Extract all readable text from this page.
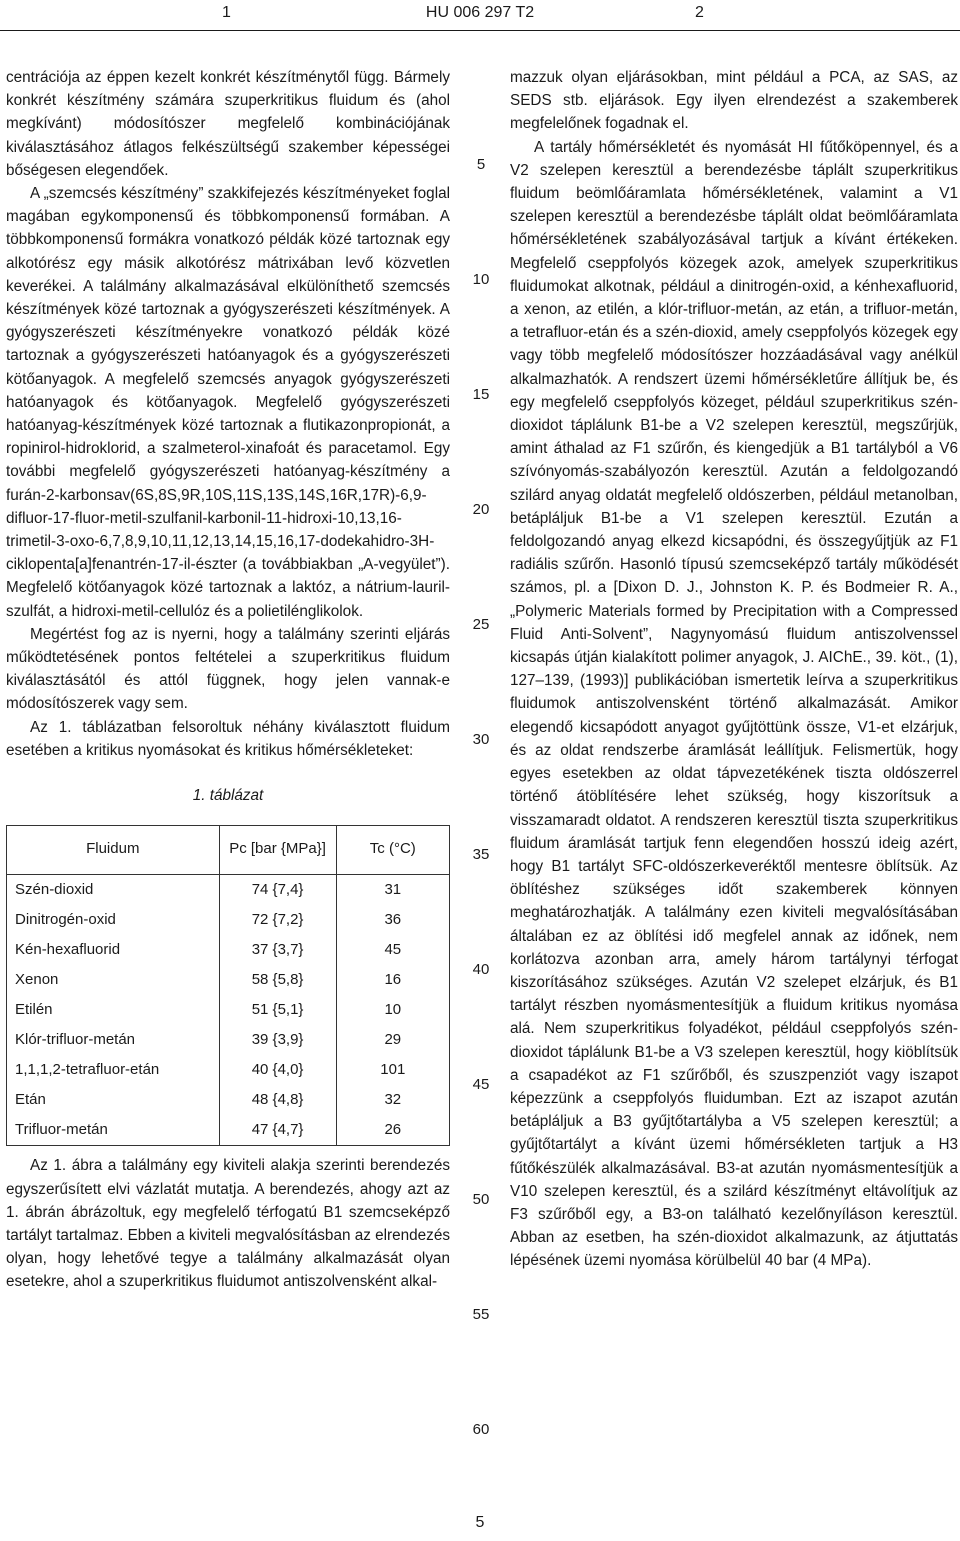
1	HU 006 297 T2	2

centrációja az éppen kezelt konkrét készítménytől függ. Bármely konkrét készítmény számára szuperkritikus fluidum és (ahol megkívánt) módosítószer megfelelő kombinációjának kiválasztásához átlagos felkészültségű szakember képességei bőségesen elegendőek.

A „szemcsés készítmény” szakkifejezés készítményeket foglal magában egykomponensű és többkomponensű formában. A többkomponensű formákra vonatkozó példák közé tartoznak egy alkotórész egy másik alkotórész mátrixában levő közvetlen keverékei. A találmány alkalmazásával elkülöníthető szemcsés készítmények közé tartoznak a gyógyszerészeti készítmények. A gyógyszerészeti készítményekre vonatkozó példák közé tartoznak a gyógyszerészeti hatóanyagok és a gyógyszerészeti kötőanyagok. A megfelelő szemcsés anyagok gyógyszerészeti hatóanyagok és kötőanyagok. Megfelelő gyógyszerészeti hatóanyag-készítmények közé tartoznak a flutikazonpropionát, a ropinirol-hidroklorid, a szalmeterol-xinafoát és paracetamol. Egy további megfelelő gyógyszerészeti hatóanyag-készítmény a furán-2-karbonsav(6S,8S,9R,10S,11S,13S,14S,16R,17R)-6,9-difluor-17-fluor-metil-szulfanil-karbonil-11-hidroxi-10,13,16-trimetil-3-oxo-6,7,8,9,10,11,12,13,14,15,16,17-dodekahidro-3H-ciklopenta[a]fenantrén-17-il-észter (a továbbiakban „A-vegyület”). Megfelelő kötőanyagok közé tartoznak a laktóz, a nátrium-lauril-szulfát, a hidroxi-metil-cellulóz és a polietilénglikolok.

Megértést fog az is nyerni, hogy a találmány szerinti eljárás működtetésének pontos feltételei a szuperkritikus fluidum kiválasztásától és attól függnek, hogy jelen vannak-e módosítószerek vagy sem.

Az 1. táblázatban felsoroltuk néhány kiválasztott fluidum esetében a kritikus nyomásokat és kritikus hőmérsékleteket:

1. táblázat
Fluidum	Pc [bar {MPa}]	Tc (°C)
Szén-dioxid	74 {7,4}	31
Dinitrogén-oxid	72 {7,2}	36
Kén-hexafluorid	37 {3,7}	45
Xenon	58 {5,8}	16
Etilén	51 {5,1}	10
Klór-trifluor-metán	39 {3,9}	29
1,1,1,2-tetrafluor-etán	40 {4,0}	101
Etán	48 {4,8}	32
Trifluor-metán	47 {4,7}	26

Az 1. ábra a találmány egy kiviteli alakja szerinti berendezés egyszerűsített elvi vázlatát mutatja. A berendezés, ahogy azt az 1. ábrán ábrázoltuk, egy megfelelő térfogatú B1 szemcseképző tartályt tartalmaz. Ebben a kiviteli megvalósításban az elrendezés olyan, hogy lehetővé tegye a találmány alkalmazását olyan esetekre, ahol a szuperkritikus fluidumot antiszolvensként alkal-

5
10
15
20
25
30
35
40
45
50
55
60

mazzuk olyan eljárásokban, mint például a PCA, az SAS, az SEDS stb. eljárások. Egy ilyen elrendezést a szakemberek megfelelőnek fogadnak el.

A tartály hőmérsékletét és nyomását HI fűtőköpennyel, és a V2 szelepen keresztül a berendezésbe táplált szuperkritikus fluidum beömlőáramlata hőmérsékletének, valamint a V1 szelepen keresztül a berendezésbe táplált oldat beömlőáramlata hőmérsékletének szabályozásával tartjuk a kívánt értékeken. Megfelelő cseppfolyós közegek azok, amelyek szuperkritikus fluidumokat alkotnak, például a dinitrogén-oxid, a kénhexafluorid, a xenon, az etilén, a klór-trifluor-metán, az etán, a trifluor-metán, a tetrafluor-etán és a szén-dioxid, amely cseppfolyós közegek egy vagy több megfelelő módosítószer hozzáadásával vagy anélkül alkalmazhatók. A rendszert üzemi hőmérsékletűre állítjuk be, és egy megfelelő cseppfolyós közeget, például szuperkritikus szén-dioxidot táplálunk B1-be a V2 szelepen keresztül, megszűrjük, amint áthalad az F1 szűrőn, és kiengedjük a B1 tartályból a V6 szívónyomás-szabályozón keresztül. Azután a feldolgozandó szilárd anyag oldatát megfelelő oldószerben, például metanolban, betápláljuk B1-be a V1 szelepen keresztül. Ezután a feldolgozandó anyag elkezd kicsapódni, és összegyűjtjük az F1 radiális szűrőn. Hasonló típusú szemcseképző tartály működését számos, pl. a [Dixon D. J., Johnston K. P. és Bodmeier R. A., „Polymeric Materials formed by Precipitation with a Compressed Fluid Anti-Solvent”, Nagynyomású fluidum antiszolvenssel kicsapás útján kialakított polimer anyagok, J. AIChE., 39. köt., (1), 127–139, (1993)] publikációban ismertetik leírva a szuperkritikus fluidumok antiszolvensként történő alkalmazását. Amikor elegendő kicsapódott anyagot gyűjtöttünk össze, V1-et elzárjuk, és az oldat rendszerbe áramlását leállítjuk. Felismertük, hogy egyes esetekben az oldat tápvezetékének tiszta oldószerrel történő átöblítésére lehet szükség, hogy kiszorítsuk a visszamaradt oldatot. A rendszeren keresztül tiszta szuperkritikus fluidum áramlását tartjuk fenn elegendően hosszú ideig azért, hogy B1 tartályt SFC-oldószerkeveréktől mentesre öblítsük. Az öblítéshez szükséges időt szakemberek könnyen meghatározhatják. A találmány ezen kiviteli megvalósításában általában ez az öblítési idő megfelel annak az időnek, nem korlátozva azonban arra, amely három tartálynyi térfogat kiszorításához szükséges. Azután V2 szelepet elzárjuk, és B1 tartályt részben nyomásmentesítjük a fluidum kritikus nyomása alá. Nem szuperkritikus folyadékot, például cseppfolyós szén-dioxidot táplálunk B1-be a V3 szelepen keresztül, hogy kiöblítsük a csapadékot az F1 szűrőből, és szuszpenziót vagy iszapot képezzünk a cseppfolyós fluidumban. Ezt az iszapot azután betápláljuk a B3 gyűjtőtartályba a V5 szelepen keresztül; a gyűjtőtartályt a kívánt üzemi hőmérsékleten tartjuk a H3 fűtőkészülék alkalmazásával. B3-at azután nyomásmentesítjük a V10 szelepen keresztül, és a szilárd készítményt eltávolítjuk az F3 szűrőből egy, a B3-on található kezelőnyíláson keresztül. Abban az esetben, ha szén-dioxidot alkalmazunk, az átjuttatás lépésének üzemi nyomása körülbelül 40 bar (4 MPa).

5
